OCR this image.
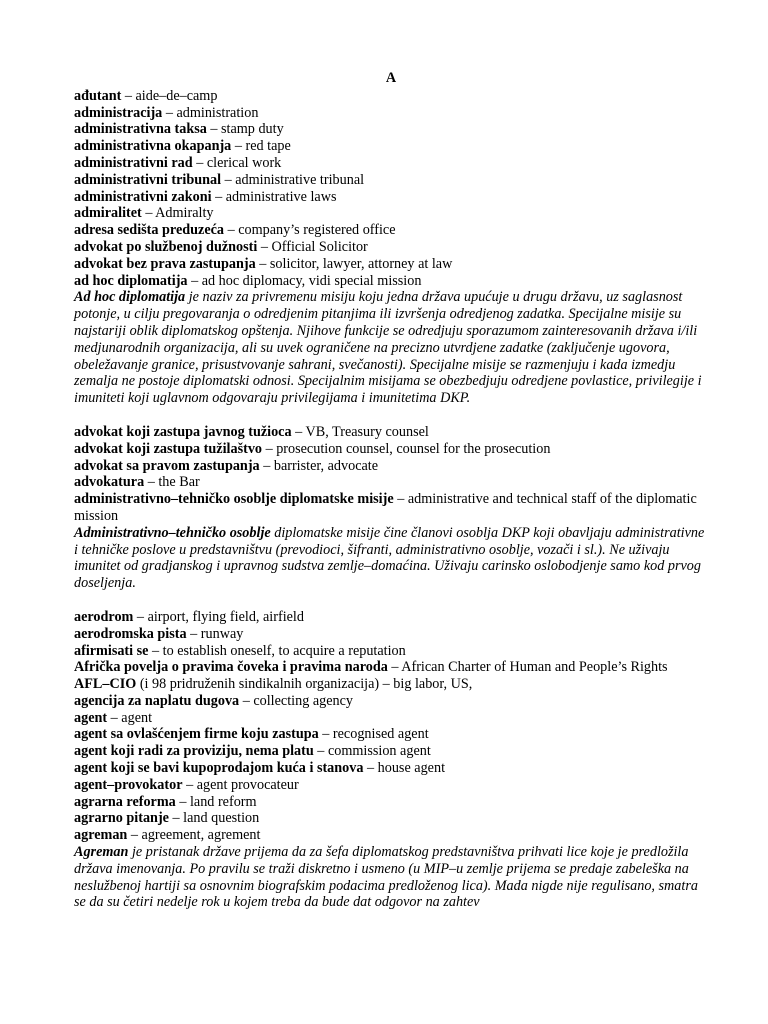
A

ađutant – aide–de–camp

administracija – administration

administrativna taksa – stamp duty

administrativna okapanja – red tape

administrativni rad – clerical work

administrativni tribunal – administrative tribunal

administrativni zakoni – administrative laws

admiralitet – Admiralty

adresa sedišta preduzeća – company’s registered office

advokat po službenoj dužnosti – Official Solicitor

advokat bez prava zastupanja – solicitor, lawyer, attorney at law

ad hoc diplomatija – ad hoc diplomacy, vidi special mission

Ad hoc diplomatija je naziv za privremenu misiju koju jedna država upućuje u drugu državu, uz saglasnost potonje, u cilju pregovaranja o odredjenim pitanjima ili izvršenja odredjenog zadatka. Specijalne misije su najstariji oblik diplomatskog opštenja. Njihove funkcije se odredjuju sporazumom zainteresovanih država i/ili medjunarodnih organizacija, ali su uvek ograničene na precizno utvrdjene zadatke (zaključenje ugovora, obeležavanje granice, prisustvovanje sahrani, svečanosti). Specijalne misije se razmenjuju i kada izmedju zemalja ne postoje diplomatski odnosi. Specijalnim misijama se obezbedjuju odredjene povlastice, privilegije i imuniteti koji uglavnom odgovaraju privilegijama i imunitetima DKP.

advokat koji zastupa javnog tužioca – VB, Treasury counsel

advokat koji zastupa tužilaštvo – prosecution counsel, counsel for the prosecution

advokat sa pravom zastupanja – barrister, advocate

advokatura – the Bar

administrativno–tehničko osoblje diplomatske misije – administrative and technical staff of the diplomatic mission

Administrativno–tehničko osoblje diplomatske misije čine članovi osoblja DKP koji obavljaju administrativne i tehničke poslove u predstavništvu (prevodioci, šifranti, administrativno osoblje, vozači i sl.). Ne uživaju imunitet od gradjanskog i upravnog sudstva zemlje–domaćina. Uživaju carinsko oslobodjenje samo kod prvog doseljenja.

aerodrom – airport, flying field, airfield

aerodromska pista – runway

afirmisati se – to establish oneself, to acquire a reputation

Afrička povelja o pravima čoveka i pravima naroda – African Charter of Human and People’s Rights

AFL–CIO (i 98 pridruženih sindikalnih organizacija) – big labor, US,

agencija za naplatu dugova – collecting agency

agent – agent

agent sa ovlašćenjem firme koju zastupa – recognised agent

agent koji radi za proviziju, nema platu – commission agent

agent koji se bavi kupoprodajom kuća i stanova – house agent

agent–provokator – agent provocateur

agrarna reforma – land reform

agrarno pitanje – land question

agreman – agreement, agrement

Agreman je pristanak države prijema da za šefa diplomatskog predstavništva prihvati lice koje je predložila država imenovanja. Po pravilu se traži diskretno i usmeno (u MIP–u zemlje prijema se predaje zabeleška na neslužbenoj hartiji sa osnovnim biografskim podacima predloženog lica). Mada nigde nije regulisano, smatra se da su četiri nedelje rok u kojem treba da bude dat odgovor na zahtev
